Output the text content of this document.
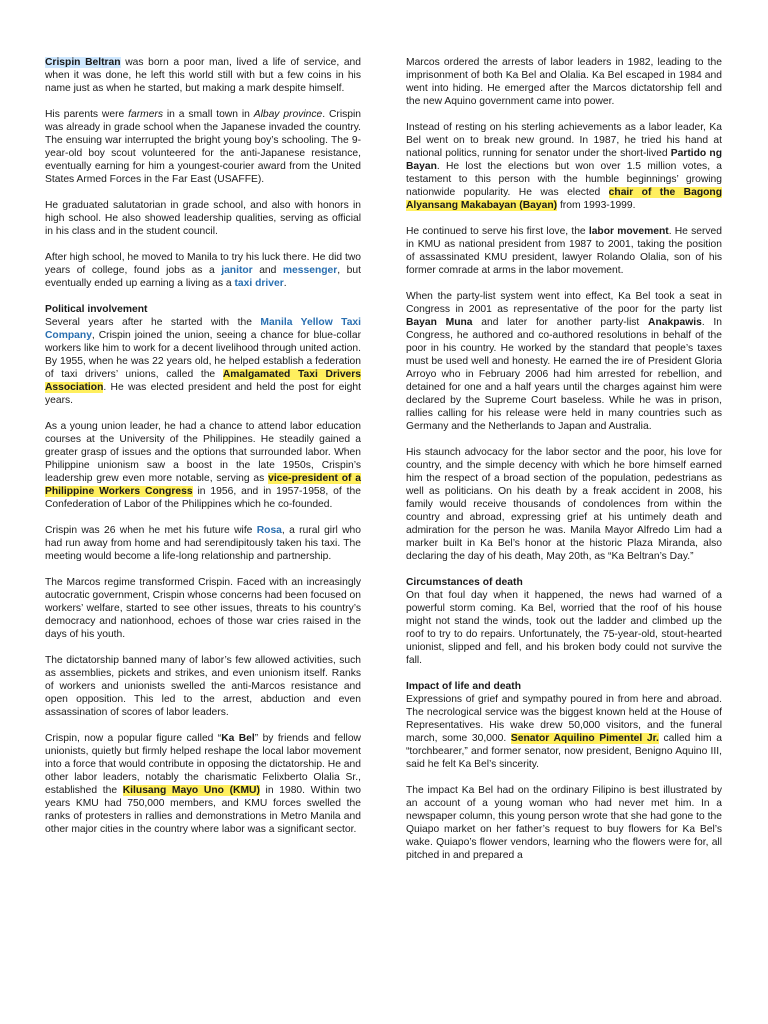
Crispin Beltran was born a poor man, lived a life of service, and when it was done, he left this world still with but a few coins in his name just as when he started, but making a mark despite himself.

His parents were farmers in a small town in Albay province. Crispin was already in grade school when the Japanese invaded the country. The ensuing war interrupted the bright young boy’s schooling. The 9-year-old boy scout volunteered for the anti-Japanese resistance, eventually earning for him a youngest-courier award from the United States Armed Forces in the Far East (USAFFE).

He graduated salutatorian in grade school, and also with honors in high school. He also showed leadership qualities, serving as official in his class and in the student council.

After high school, he moved to Manila to try his luck there. He did two years of college, found jobs as a janitor and messenger, but eventually ended up earning a living as a taxi driver.

Political involvement

Several years after he started with the Manila Yellow Taxi Company, Crispin joined the union, seeing a chance for blue-collar workers like him to work for a decent livelihood through united action. By 1955, when he was 22 years old, he helped establish a federation of taxi drivers’ unions, called the Amalgamated Taxi Drivers Association. He was elected president and held the post for eight years.

As a young union leader, he had a chance to attend labor education courses at the University of the Philippines. He steadily gained a greater grasp of issues and the options that surrounded labor. When Philippine unionism saw a boost in the late 1950s, Crispin’s leadership grew even more notable, serving as vice-president of a Philippine Workers Congress in 1956, and in 1957-1958, of the Confederation of Labor of the Philippines which he co-founded.

Crispin was 26 when he met his future wife Rosa, a rural girl who had run away from home and had serendipitously taken his taxi. The meeting would become a life-long relationship and partnership.

The Marcos regime transformed Crispin. Faced with an increasingly autocratic government, Crispin whose concerns had been focused on workers’ welfare, started to see other issues, threats to his country’s democracy and nationhood, echoes of those war cries raised in the days of his youth.

The dictatorship banned many of labor’s few allowed activities, such as assemblies, pickets and strikes, and even unionism itself. Ranks of workers and unionists swelled the anti-Marcos resistance and open opposition. This led to the arrest, abduction and even assassination of scores of labor leaders.

Crispin, now a popular figure called “Ka Bel” by friends and fellow unionists, quietly but firmly helped reshape the local labor movement into a force that would contribute in opposing the dictatorship. He and other labor leaders, notably the charismatic Felixberto Olalia Sr., established the Kilusang Mayo Uno (KMU) in 1980. Within two years KMU had 750,000 members, and KMU forces swelled the ranks of protesters in rallies and demonstrations in Metro Manila and other major cities in the country where labor was a significant sector.

Marcos ordered the arrests of labor leaders in 1982, leading to the imprisonment of both Ka Bel and Olalia. Ka Bel escaped in 1984 and went into hiding. He emerged after the Marcos dictatorship fell and the new Aquino government came into power.

Instead of resting on his sterling achievements as a labor leader, Ka Bel went on to break new ground. In 1987, he tried his hand at national politics, running for senator under the short-lived Partido ng Bayan. He lost the elections but won over 1.5 million votes, a testament to this person with the humble beginnings’ growing nationwide popularity. He was elected chair of the Bagong Alyansang Makabayan (Bayan) from 1993-1999.

He continued to serve his first love, the labor movement. He served in KMU as national president from 1987 to 2001, taking the position of assassinated KMU president, lawyer Rolando Olalia, son of his former comrade at arms in the labor movement.

When the party-list system went into effect, Ka Bel took a seat in Congress in 2001 as representative of the poor for the party list Bayan Muna and later for another party-list Anakpawis. In Congress, he authored and co-authored resolutions in behalf of the poor in his country. He worked by the standard that people’s taxes must be used well and honesty. He earned the ire of President Gloria Arroyo who in February 2006 had him arrested for rebellion, and detained for one and a half years until the charges against him were declared by the Supreme Court baseless. While he was in prison, rallies calling for his release were held in many countries such as Germany and the Netherlands to Japan and Australia.

His staunch advocacy for the labor sector and the poor, his love for country, and the simple decency with which he bore himself earned him the respect of a broad section of the population, pedestrians as well as politicians. On his death by a freak accident in 2008, his family would receive thousands of condolences from within the country and abroad, expressing grief at his untimely death and admiration for the person he was. Manila Mayor Alfredo Lim had a marker built in Ka Bel’s honor at the historic Plaza Miranda, also declaring the day of his death, May 20th, as “Ka Beltran’s Day.”

Circumstances of death

On that foul day when it happened, the news had warned of a powerful storm coming. Ka Bel, worried that the roof of his house might not stand the winds, took out the ladder and climbed up the roof to try to do repairs. Unfortunately, the 75-year-old, stout-hearted unionist, slipped and fell, and his broken body could not survive the fall.

Impact of life and death

Expressions of grief and sympathy poured in from here and abroad. The necrological service was the biggest known held at the House of Representatives. His wake drew 50,000 visitors, and the funeral march, some 30,000. Senator Aquilino Pimentel Jr. called him a “torchbearer,” and former senator, now president, Benigno Aquino III, said he felt Ka Bel’s sincerity.

The impact Ka Bel had on the ordinary Filipino is best illustrated by an account of a young woman who had never met him. In a newspaper column, this young person wrote that she had gone to the Quiapo market on her father’s request to buy flowers for Ka Bel’s wake. Quiapo’s flower vendors, learning who the flowers were for, all pitched in and prepared a
